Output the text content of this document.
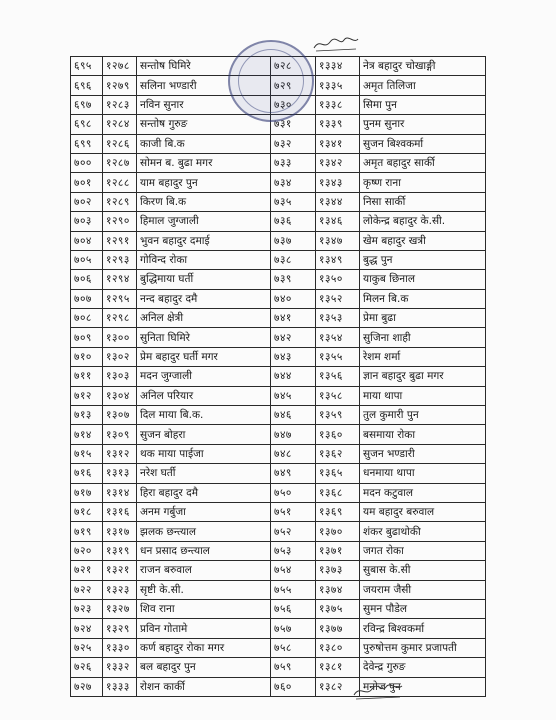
६९५	१२७८	सन्तोष घिमिरे	७२८	१३३४	नेत्र बहादुर चोखाङ्गी
६९६	१२७९	सलिना भण्डारी	७२९	१३३५	अमृत तिलिजा
६९७	१२८३	नविन सुनार	७३०	१३३८	सिमा पुन
६९८	१२८४	सन्तोष गुरुङ	७३१	१३३९	पुनम सुनार
६९९	१२८६	काजी बि.क	७३२	१३४१	सुजन बिश्वकर्मा
७००	१२८७	सोमन ब. बुढा मगर	७३३	१३४२	अमृत बहादुर सार्की
७०१	१२८८	याम बहादुर पुन	७३४	१३४३	कृष्ण राना
७०२	१२८९	किरण बि.क	७३५	१३४४	निसा सार्की
७०३	१२९०	हिमाल जुग्जाली	७३६	१३४६	लोकेन्द्र बहादुर के.सी.
७०४	१२९१	भुवन बहादुर दमाई	७३७	१३४७	खेम बहादुर खत्री
७०५	१२९३	गोविन्द रोका	७३८	१३४९	बुद्ध पुन
७०६	१२९४	बुद्धिमाया घर्ती	७३९	१३५०	याकुब छिनाल
७०७	१२९५	नन्द बहादुर दमै	७४०	१३५२	मिलन बि.क
७०८	१२९८	अनिल क्षेत्री	७४१	१३५३	प्रेमा बुढा
७०९	१३००	सुनिता घिमिरे	७४२	१३५४	सुजिना शाही
७१०	१३०२	प्रेम बहादुर घर्ती मगर	७४३	१३५५	रेशम शर्मा
७११	१३०३	मदन जुग्जाली	७४४	१३५६	ज्ञान बहादुर बुढा मगर
७१२	१३०४	अनिल परियार	७४५	१३५८	माया थापा
७१३	१३०७	दिल माया बि.क.	७४६	१३५९	तुल कुमारी पुन
७१४	१३०९	सुजन बोहरा	७४७	१३६०	बसमाया रोका
७१५	१३१२	थक माया पाईजा	७४८	१३६२	सुजन भण्डारी
७१६	१३१३	नरेश घर्ती	७४९	१३६५	धनमाया थापा
७१७	१३१४	हिरा बहादुर दमै	७५०	१३६८	मदन कटुवाल
७१८	१३१६	अनम गर्बुजा	७५१	१३६९	यम बहादुर बरुवाल
७१९	१३१७	झलक छन्त्याल	७५२	१३७०	शंकर बुढाथोकी
७२०	१३१९	धन प्रसाद छन्त्याल	७५३	१३७१	जगत रोका
७२१	१३२१	राजन बरुवाल	७५४	१३७३	सुबास के.सी
७२२	१३२३	सृष्टी के.सी.	७५५	१३७४	जयराम जैसी
७२३	१३२७	शिव राना	७५६	१३७५	सुमन पौडेल
७२४	१३२९	प्रविन गोतामे	७५७	१३७७	रविन्द्र बिश्वकर्मा
७२५	१३३०	कर्ण बहादुर रोका मगर	७५८	१३८०	पुरुषोत्तम कुमार प्रजापती
७२६	१३३२	बल बहादुर पुन	७५९	१३८१	देवेन्द्र गुरुङ
७२७	१३३३	रोशन कार्की	७६०	१३८२	मनोज पुन
